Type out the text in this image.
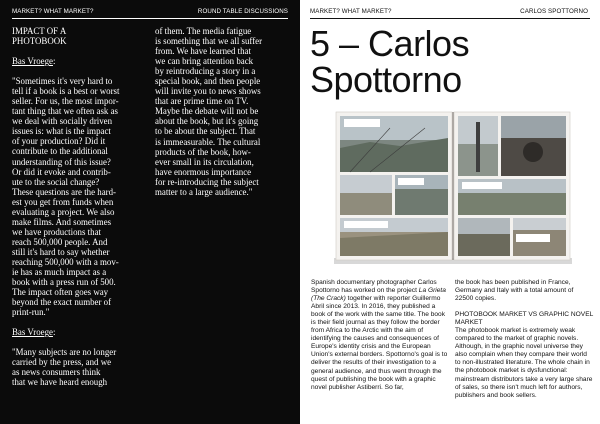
MARKET? WHAT MARKET?	ROUND TABLE DISCUSSIONS

IMPACT OF A

PHOTOBOOK

Bas Vroege:

"Sometimes it's very hard to
tell if a book is a best or worst
seller. For us, the most impor-
tant thing that we often ask as
we deal with socially driven
issues is: what is the impact
of your production? Did it
contribute to the additional
understanding of this issue?
Or did it evoke and contrib-
ute to the social change?
These questions are the hard-
est you get from funds when
evaluating a project. We also
make films. And sometimes
we have productions that
reach 500,000 people. And
still it's hard to say whether
reaching 500,000 with a mov-
ie has as much impact as a
book with a press run of 500.
The impact often goes way
beyond the exact number of
print-run."

Bas Vroege:

"Many subjects are no longer
carried by the press, and we
as news consumers think
that we have heard enough
of them. The media fatigue
is something that we all suffer
from. We have learned that
we can bring attention back
by reintroducing a story in a
special book, and then people
will invite you to news shows
that are prime time on TV.
Maybe the debate will not be
about the book, but it's going
to be about the subject. That
is immeasurable. The cultural
products of the book, how-
ever small in its circulation,
have enormous importance
for re-introducing the subject
matter to a large audience."
MARKET? WHAT MARKET?	CARLOS SPOTTORNO
5 – Carlos
Spottorno

Spanish documentary photographer Carlos Spottorno has worked on the project La Grieta (The Crack) together with reporter Guillermo Abril since 2013. In 2016, they published a book of the work with the same title. The book is their field journal as they follow the border from Africa to the Arctic with the aim of identifying the causes and consequences of Europe's identity crisis and the European Union's external borders. Spottorno's goal is to deliver the results of their investigation to a general audience, and thus went through the quest of publishing the book with a graphic novel publisher Astiberri. So far,

the book has been published in France, Germany and Italy with a total amount of 22500 copies.

PHOTOBOOK MARKET VS GRAPHIC NOVEL MARKET

The photobook market is extremely weak compared to the market of graphic novels. Although, in the graphic novel universe they also complain when they compare their world to non-illustrated literature. The whole chain in the photobook market is dysfunctional: mainstream distributors take a very large share of sales, so there isn't much left for authors, publishers and book sellers.
